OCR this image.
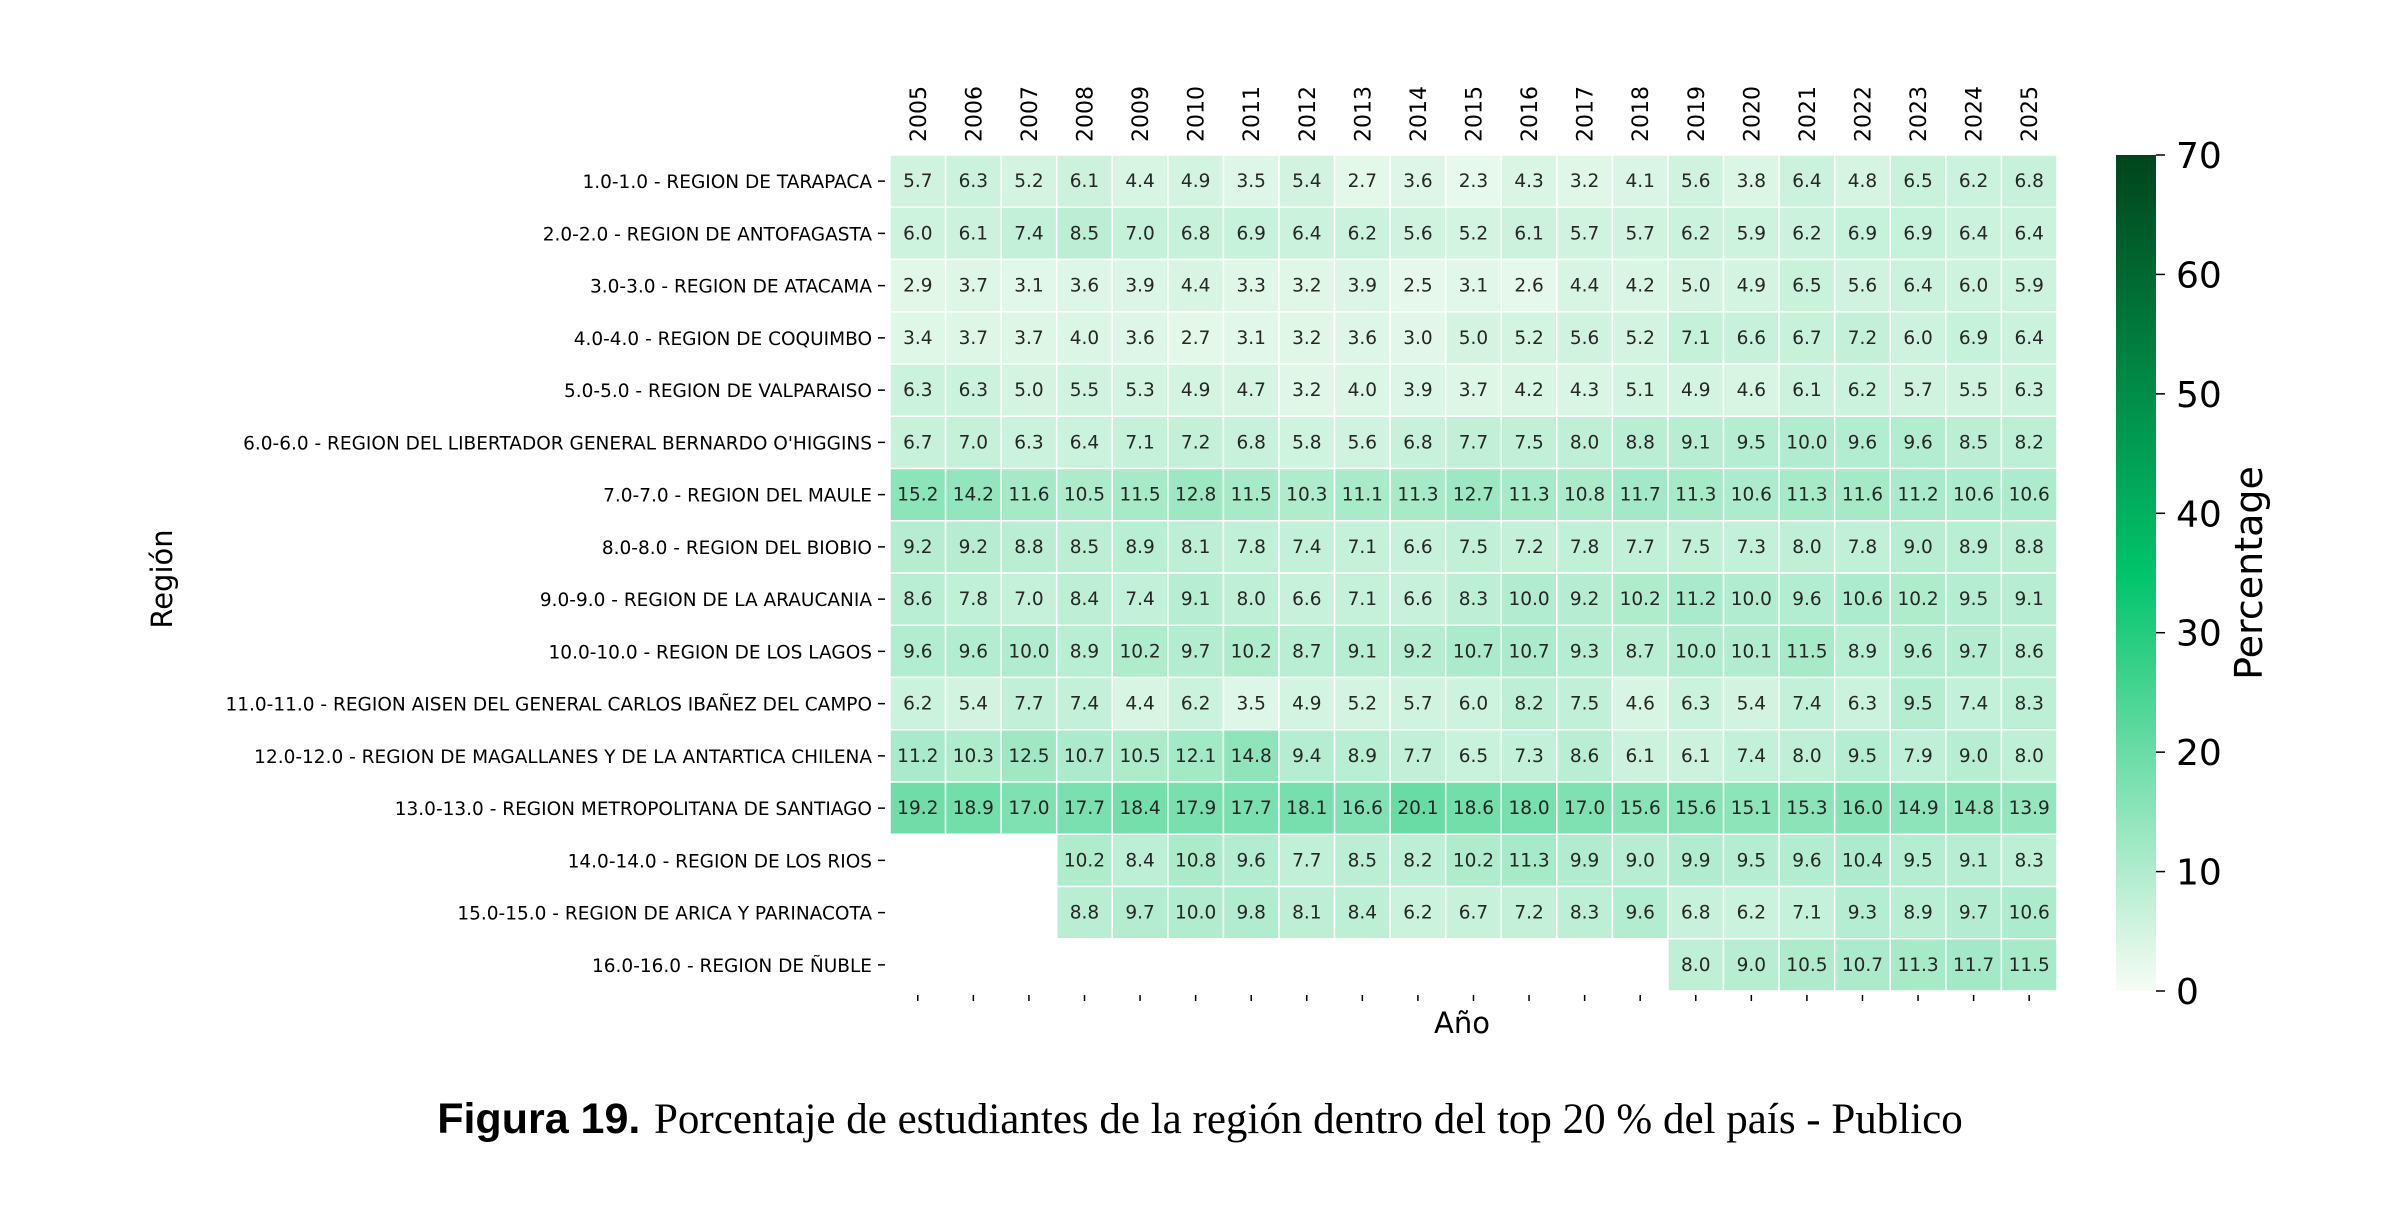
5.7 6.3 5.2 6.1 4.4 4.9 3.5 5.4 2.7 3.6 2.3 4.3 3.2 4.1 5.6 3.8 6.4 4.8 6.5 6.2 6.8
6.0 6.1 7.4 8.5 7.0 6.8 6.9 6.4 6.2 5.6 5.2 6.1 5.7 5.7 6.2 5.9 6.2 6.9 6.9 6.4 6.4
2.9 3.7 3.1 3.6 3.9 4.4 3.3 3.2 3.9 2.5 3.1 2.6 4.4 4.2 5.0 4.9 6.5 5.6 6.4 6.0 5.9
3.4 3.7 3.7 4.0 3.6 2.7 3.1 3.2 3.6 3.0 5.0 5.2 5.6 5.2 7.1 6.6 6.7 7.2 6.0 6.9 6.4
6.3 6.3 5.0 5.5 5.3 4.9 4.7 3.2 4.0 3.9 3.7 4.2 4.3 5.1 4.9 4.6 6.1 6.2 5.7 5.5 6.3
6.7 7.0 6.3 6.4 7.1 7.2 6.8 5.8 5.6 6.8 7.7 7.5 8.0 8.8 9.1 9.5 10.0 9.6 9.6 8.5 8.2
15.2 14.2 11.6 10.5 11.5 12.8 11.5 10.3 11.1 11.3 12.7 11.3 10.8 11.7 11.3 10.6 11.3 11.6 11.2 10.6 10.6
9.2 9.2 8.8 8.5 8.9 8.1 7.8 7.4 7.1 6.6 7.5 7.2 7.8 7.7 7.5 7.3 8.0 7.8 9.0 8.9 8.8
8.6 7.8 7.0 8.4 7.4 9.1 8.0 6.6 7.1 6.6 8.3 10.0 9.2 10.2 11.2 10.0 9.6 10.6 10.2 9.5 9.1
9.6 9.6 10.0 8.9 10.2 9.7 10.2 8.7 9.1 9.2 10.7 10.7 9.3 8.7 10.0 10.1 11.5 8.9 9.6 9.7 8.6
6.2 5.4 7.7 7.4 4.4 6.2 3.5 4.9 5.2 5.7 6.0 8.2 7.5 4.6 6.3 5.4 7.4 6.3 9.5 7.4 8.3
11.2 10.3 12.5 10.7 10.5 12.1 14.8 9.4 8.9 7.7 6.5 7.3 8.6 6.1 6.1 7.4 8.0 9.5 7.9 9.0 8.0
19.2 18.9 17.0 17.7 18.4 17.9 17.7 18.1 16.6 20.1 18.6 18.0 17.0 15.6 15.6 15.1 15.3 16.0 14.9 14.8 13.9
10.2 8.4 10.8 9.6 7.7 8.5 8.2 10.2 11.3 9.9 9.0 9.9 9.5 9.6 10.4 9.5 9.1 8.3
8.8 9.7 10.0 9.8 8.1 8.4 6.2 6.7 7.2 8.3 9.6 6.8 6.2 7.1 9.3 8.9 9.7 10.6
8.0 9.0 10.5 10.7 11.3 11.7 11.5
2005 2006 2007 2008 2009 2010 2011 2012 2013 2014 2015 2016 2017 2018 2019 2020 2021 2022 2023 2024 2025
1.0-1.0 - REGION DE TARAPACA
2.0-2.0 - REGION DE ANTOFAGASTA
3.0-3.0 - REGION DE ATACAMA
4.0-4.0 - REGION DE COQUIMBO
5.0-5.0 - REGION DE VALPARAISO
6.0-6.0 - REGION DEL LIBERTADOR GENERAL BERNARDO O'HIGGINS
7.0-7.0 - REGION DEL MAULE
8.0-8.0 - REGION DEL BIOBIO
9.0-9.0 - REGION DE LA ARAUCANIA
10.0-10.0 - REGION DE LOS LAGOS
11.0-11.0 - REGION AISEN DEL GENERAL CARLOS IBAÑEZ DEL CAMPO
12.0-12.0 - REGION DE MAGALLANES Y DE LA ANTARTICA CHILENA
13.0-13.0 - REGION METROPOLITANA DE SANTIAGO
14.0-14.0 - REGION DE LOS RIOS
15.0-15.0 - REGION DE ARICA Y PARINACOTA
16.0-16.0 - REGION DE ÑUBLE
Año
Región
0
10
20
30
40
50
60
70
Percentage
Figura 19. Porcentaje de estudiantes de la región dentro del top 20 % del país - Publico
